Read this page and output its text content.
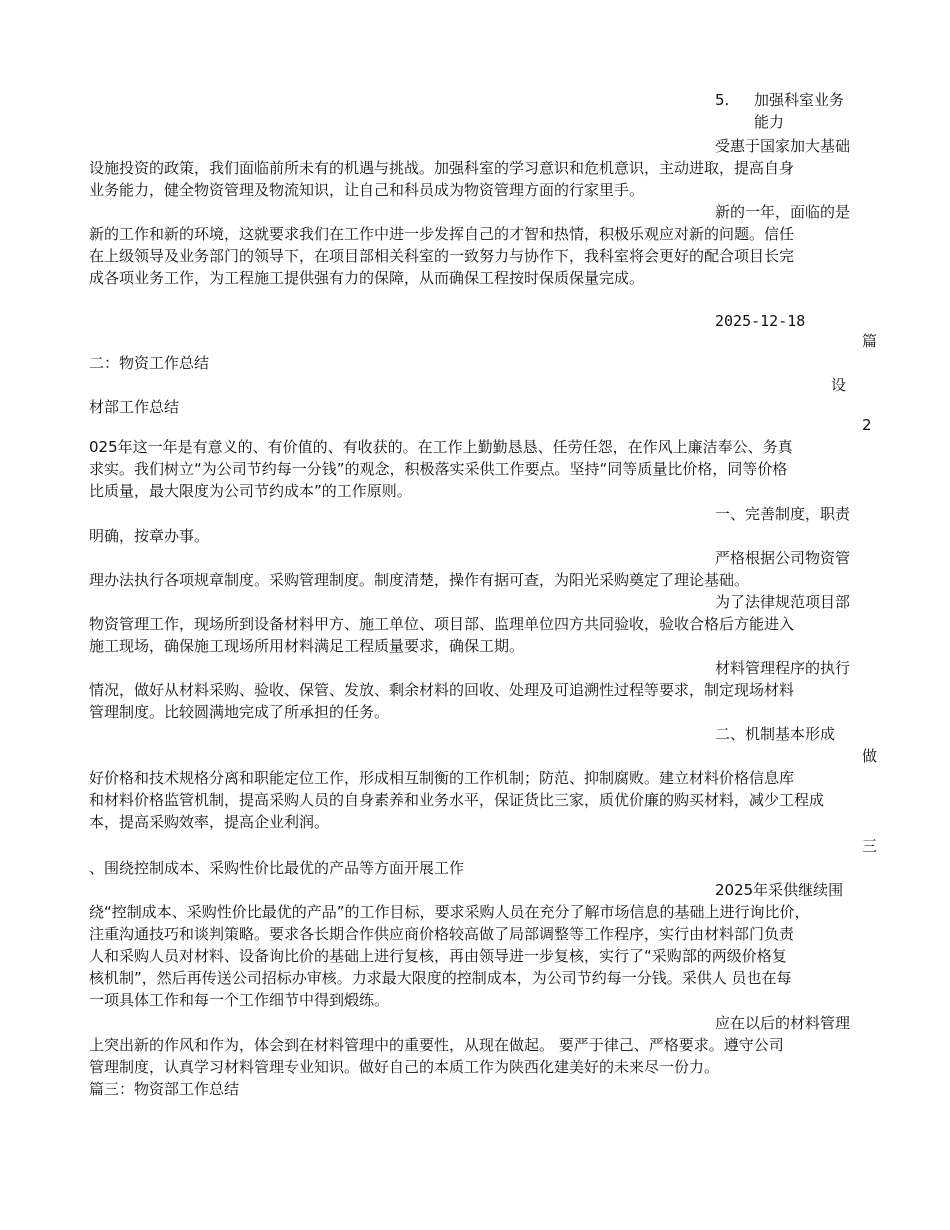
5. 加强科室业务
能力
受惠于国家加大基础
设施投资的政策，我们面临前所未有的机遇与挑战。加强科室的学习意识和危机意识，主动进取，提高自身
业务能力，健全物资管理及物流知识，让自己和科员成为物资管理方面的行家里手。
新的一年，面临的是
新的工作和新的环境，这就要求我们在工作中进一步发挥自己的才智和热情，积极乐观应对新的问题。信任
在上级领导及业务部门的领导下，在项目部相关科室的一致努力与协作下，我科室将会更好的配合项目长完
成各项业务工作，为工程施工提供强有力的保障，从而确保工程按时保质保量完成。
2025-12-18
篇
二：物资工作总结
设
材部工作总结
2
025年这一年是有意义的、有价值的、有收获的。在工作上勤勤恳恳、任劳任怨，在作风上廉洁奉公、务真
求实。我们树立“为公司节约每一分钱”的观念，积极落实采供工作要点。坚持“同等质量比价格，同等价格
比质量，最大限度为公司节约成本”的工作原则。
一、完善制度，职责
明确，按章办事。
严格根据公司物资管
理办法执行各项规章制度。采购管理制度。制度清楚，操作有据可查，为阳光采购奠定了理论基础。
为了法律规范项目部
物资管理工作，现场所到设备材料甲方、施工单位、项目部、监理单位四方共同验收，验收合格后方能进入
施工现场，确保施工现场所用材料满足工程质量要求，确保工期。
材料管理程序的执行
情况，做好从材料采购、验收、保管、发放、剩余材料的回收、处理及可追溯性过程等要求，制定现场材料
管理制度。比较圆满地完成了所承担的任务。
二、机制基本形成
做
好价格和技术规格分离和职能定位工作，形成相互制衡的工作机制；防范、抑制腐败。建立材料价格信息库
和材料价格监管机制，提高采购人员的自身素养和业务水平，保证货比三家，质优价廉的购买材料，减少工程成
本，提高采购效率，提高企业利润。
三
、围绕控制成本、采购性价比最优的产品等方面开展工作
2025年采供继续围
绕“控制成本、采购性价比最优的产品”的工作目标，要求采购人员在充分了解市场信息的基础上进行询比价，
注重沟通技巧和谈判策略。要求各长期合作供应商价格较高做了局部调整等工作程序，实行由材料部门负责
人和采购人员对材料、设备询比价的基础上进行复核，再由领导进一步复核，实行了“采购部的两级价格复
核机制”，然后再传送公司招标办审核。力求最大限度的控制成本，为公司节约每一分钱。采供人 员也在每
一项具体工作和每一个工作细节中得到煅练。
应在以后的材料管理
上突出新的作风和作为，体会到在材料管理中的重要性，从现在做起。 要严于律己、严格要求。遵守公司
管理制度，认真学习材料管理专业知识。做好自己的本质工作为陕西化建美好的未来尽一份力。
篇三：物资部工作总结
